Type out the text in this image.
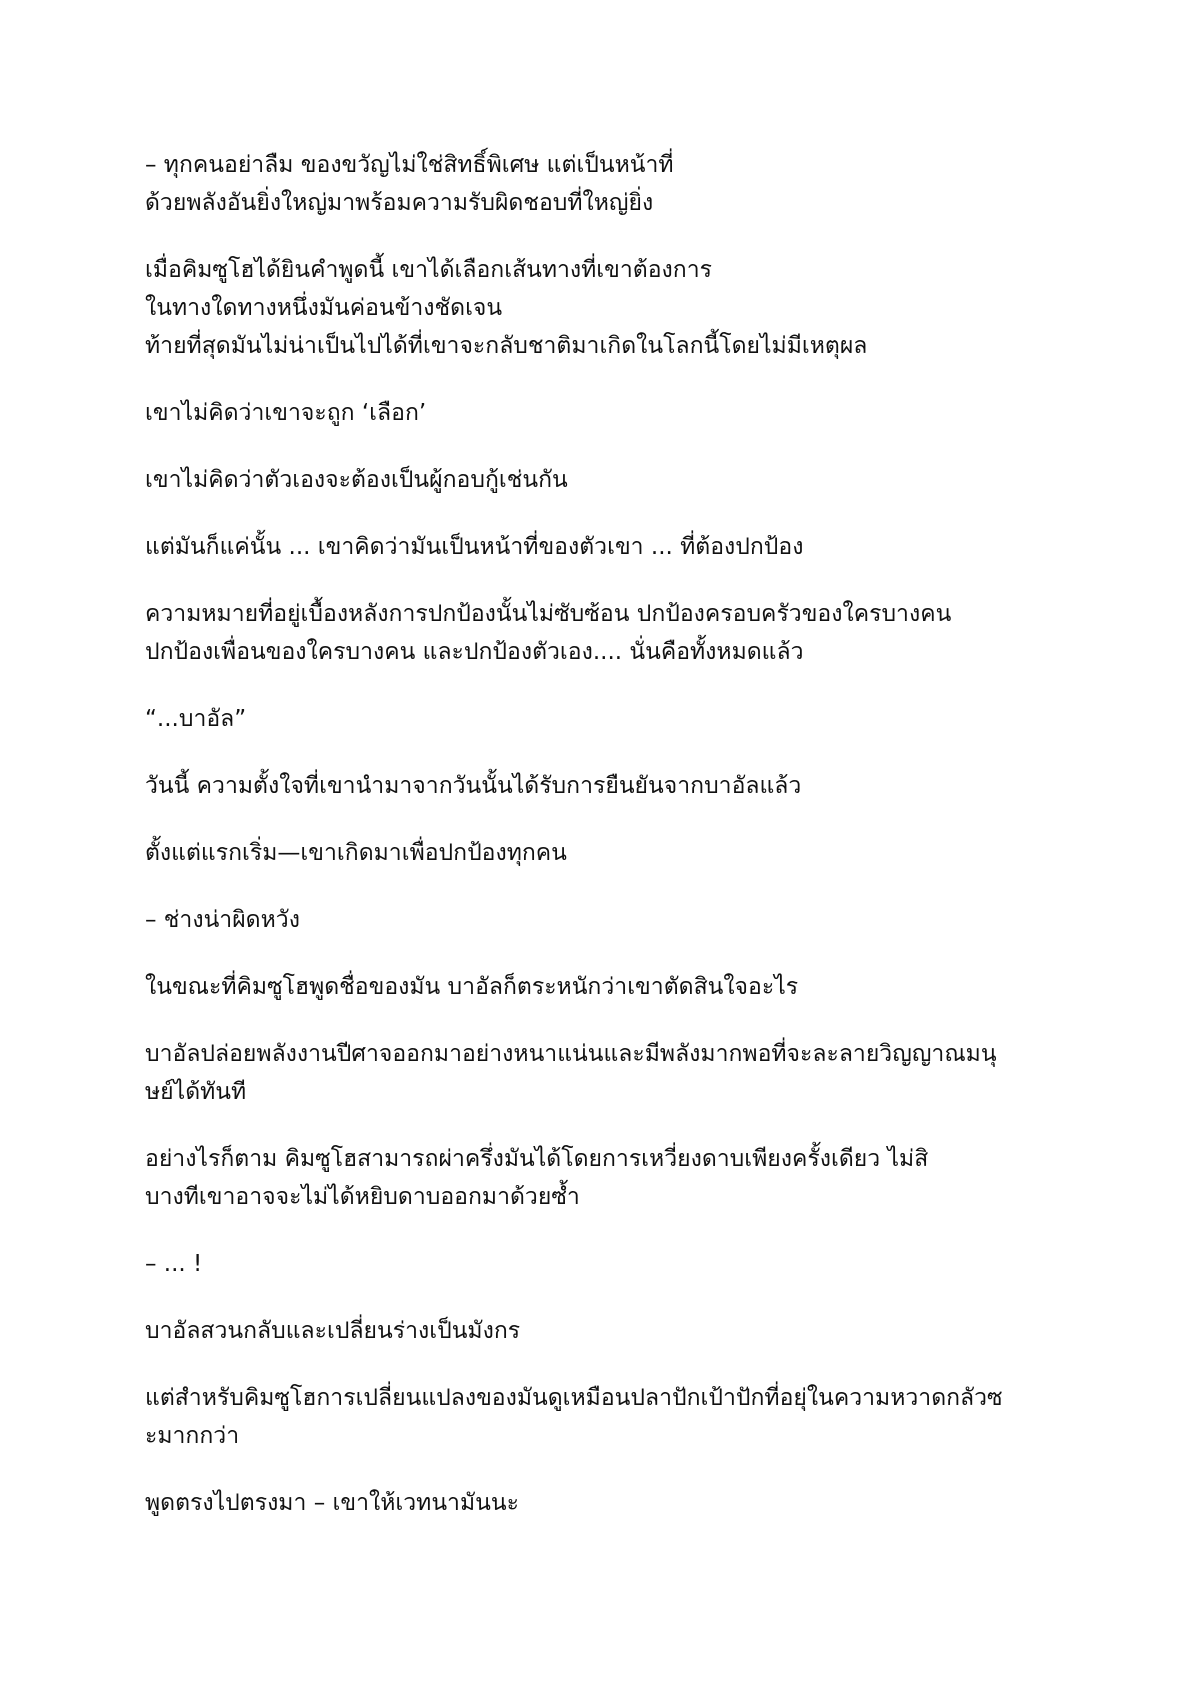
– ทุกคนอย่าลืม ของขวัญไม่ใช่สิทธิ์พิเศษ แต่เป็นหน้าที่
ด้วยพลังอันยิ่งใหญ่มาพร้อมความรับผิดชอบที่ใหญ่ยิ่ง

เมื่อคิมซูโฮได้ยินคำพูดนี้ เขาได้เลือกเส้นทางที่เขาต้องการ
ในทางใดทางหนึ่งมันค่อนข้างชัดเจน
ท้ายที่สุดมันไม่น่าเป็นไปได้ที่เขาจะกลับชาติมาเกิดในโลกนี้โดยไม่มีเหตุผล

เขาไม่คิดว่าเขาจะถูก ‘เลือก’

เขาไม่คิดว่าตัวเองจะต้องเป็นผู้กอบกู้เช่นกัน

แต่มันก็แค่นั้น ... เขาคิดว่ามันเป็นหน้าที่ของตัวเขา ... ที่ต้องปกป้อง

ความหมายที่อยู่เบื้องหลังการปกป้องนั้นไม่ซับซ้อน ปกป้องครอบครัวของใครบางคน
ปกป้องเพื่อนของใครบางคน และปกป้องตัวเอง.... นั่นคือทั้งหมดแล้ว

“...บาอัล”

วันนี้ ความตั้งใจที่เขานำมาจากวันนั้นได้รับการยืนยันจากบาอัลแล้ว

ตั้งแต่แรกเริ่ม—เขาเกิดมาเพื่อปกป้องทุกคน

– ช่างน่าผิดหวัง

ในขณะที่คิมซูโฮพูดชื่อของมัน บาอัลก็ตระหนักว่าเขาตัดสินใจอะไร

บาอัลปล่อยพลังงานปีศาจออกมาอย่างหนาแน่นและมีพลังมากพอที่จะละลายวิญญาณมนุ
ษย์ได้ทันที

อย่างไรก็ตาม คิมซูโฮสามารถผ่าครึ่งมันได้โดยการเหวี่ยงดาบเพียงครั้งเดียว ไม่สิ
บางทีเขาอาจจะไม่ได้หยิบดาบออกมาด้วยซ้ำ

– ... !

บาอัลสวนกลับและเปลี่ยนร่างเป็นมังกร

แต่สำหรับคิมซูโฮการเปลี่ยนแปลงของมันดูเหมือนปลาปักเป้าปักที่อยุ่ในความหวาดกลัวซ
ะมากกว่า

พูดตรงไปตรงมา – เขาให้เวทนามันนะ
